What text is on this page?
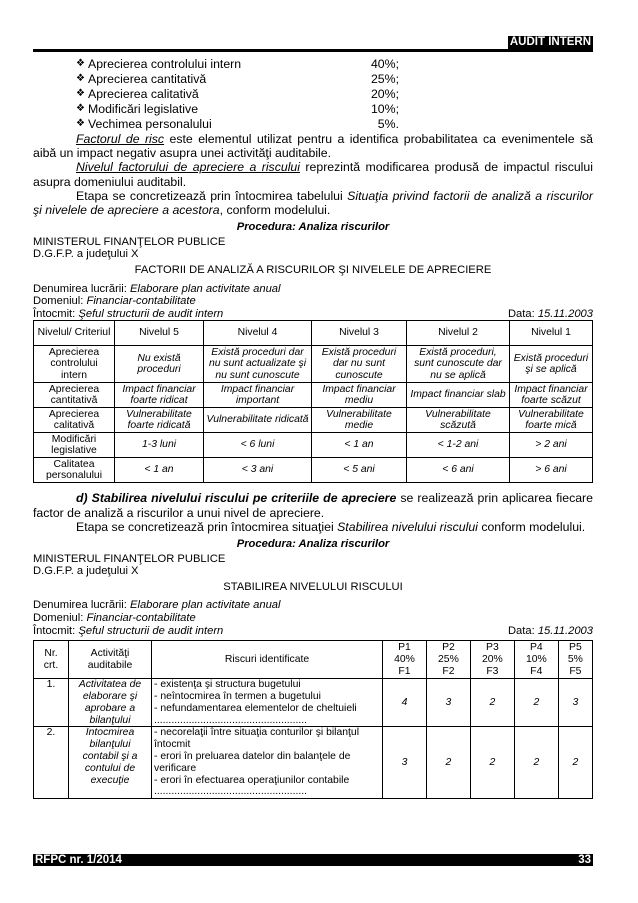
AUDIT INTERN
❖ Aprecierea controlului intern	40%;
❖ Aprecierea cantitativă	25%;
❖ Aprecierea calitativă	20%;
❖ Modificări legislative	10%;
❖ Vechimea personalului	5%.

Factorul de risc este elementul utilizat pentru a identifica probabilitatea ca evenimentele să aibă un impact negativ asupra unei activităţi auditabile.

Nivelul factorului de apreciere a riscului reprezintă modificarea produsă de impactul riscului asupra domeniului auditabil.

Etapa se concretizează prin întocmirea tabelului Situaţia privind factorii de analiză a riscurilor şi nivelele de apreciere a acestora, conform modelului.

Procedura: Analiza riscurilor
MINISTERUL FINANŢELOR PUBLICE
D.G.F.P. a judeţului X
FACTORII DE ANALIZĂ A RISCURILOR ŞI NIVELELE DE APRECIERE
Denumirea lucrării: Elaborare plan activitate anual
Domeniul: Financiar-contabilitate
Întocmit: Şeful structurii de audit intern	Data: 15.11.2003
Nivelul/ Criteriul	Nivelul 5	Nivelul 4	Nivelul 3	Nivelul 2	Nivelul 1
Aprecierea controlului intern	Nu există proceduri	Există proceduri dar nu sunt actualizate şi nu sunt cunoscute	Există proceduri dar nu sunt cunoscute	Există proceduri, sunt cunoscute dar nu se aplică	Există proceduri şi se aplică
Aprecierea cantitativă	Impact financiar foarte ridicat	Impact financiar important	Impact financiar mediu	Impact financiar slab	Impact financiar foarte scăzut
Aprecierea calitativă	Vulnerabilitate foarte ridicată	Vulnerabilitate ridicată	Vulnerabilitate medie	Vulnerabilitate scăzută	Vulnerabilitate foarte mică
Modificări legislative	1-3 luni	< 6 luni	< 1 an	< 1-2 ani	> 2 ani
Calitatea personalului	< 1 an	< 3 ani	< 5 ani	< 6 ani	> 6 ani

d) Stabilirea nivelului riscului pe criteriile de apreciere se realizează prin aplicarea fiecare factor de analiză a riscurilor a unui nivel de apreciere.

Etapa se concretizează prin întocmirea situaţiei Stabilirea nivelului riscului conform modelului.

Procedura: Analiza riscurilor
MINISTERUL FINANŢELOR PUBLICE
D.G.F.P. a judeţului X
STABILIREA NIVELULUI RISCULUI
Denumirea lucrării: Elaborare plan activitate anual
Domeniul: Financiar-contabilitate
Întocmit: Şeful structurii de audit intern	Data: 15.11.2003
Nr. crt.	Activităţi auditabile	Riscuri identificate	P1
40%
F1	P2
25%
F2	P3
20%
F3	P4
10%
F4	P5
5%
F5
1.	Activitatea de elaborare şi aprobare a bilanţului	- existenţa şi structura bugetului
- neîntocmirea în termen a bugetului
- nefundamentarea elementelor de cheltuieli
.....................................................	4	3	2	2	3
2.	Întocmirea bilanţului contabil şi a contului de execuţie	- necorelaţii între situaţia conturilor şi bilanţul întocmit
- erori în preluarea datelor din balanţele de verificare
- erori în efectuarea operaţiunilor contabile
.....................................................	3	2	2	2	2
RFPC nr. 1/2014	33
